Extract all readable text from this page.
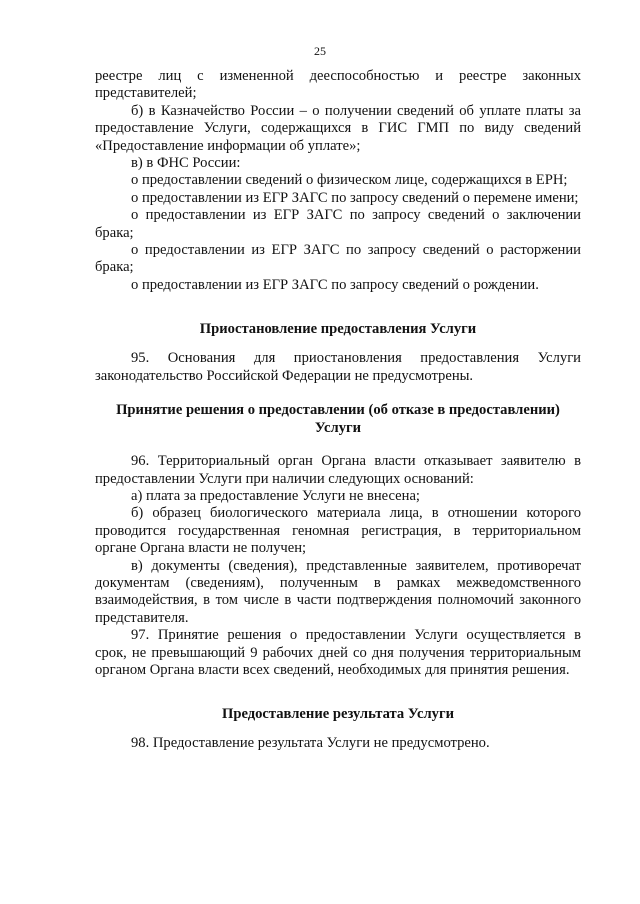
25

реестре лиц с измененной дееспособностью и реестре законных представителей;

б) в Казначейство России – о получении сведений об уплате платы за предоставление Услуги, содержащихся в ГИС ГМП по виду сведений «Предоставление информации об уплате»;

в) в ФНС России:

о предоставлении сведений о физическом лице, содержащихся в ЕРН;

о предоставлении из ЕГР ЗАГС по запросу сведений о перемене имени;

о предоставлении из ЕГР ЗАГС по запросу сведений о заключении брака;

о предоставлении из ЕГР ЗАГС по запросу сведений о расторжении брака;

о предоставлении из ЕГР ЗАГС по запросу сведений о рождении.

Приостановление предоставления Услуги

95. Основания для приостановления предоставления Услуги законодательство Российской Федерации не предусмотрены.

Принятие решения о предоставлении (об отказе в предоставлении)
Услуги

96. Территориальный орган Органа власти отказывает заявителю в предоставлении Услуги при наличии следующих оснований:

а) плата за предоставление Услуги не внесена;

б) образец биологического материала лица, в отношении которого проводится государственная геномная регистрация, в территориальном органе Органа власти не получен;

в) документы (сведения), представленные заявителем, противоречат документам (сведениям), полученным в рамках межведомственного взаимодействия, в том числе в части подтверждения полномочий законного представителя.

97. Принятие решения о предоставлении Услуги осуществляется в срок, не превышающий 9 рабочих дней со дня получения территориальным органом Органа власти всех сведений, необходимых для принятия решения.

Предоставление результата Услуги

98. Предоставление результата Услуги не предусмотрено.
